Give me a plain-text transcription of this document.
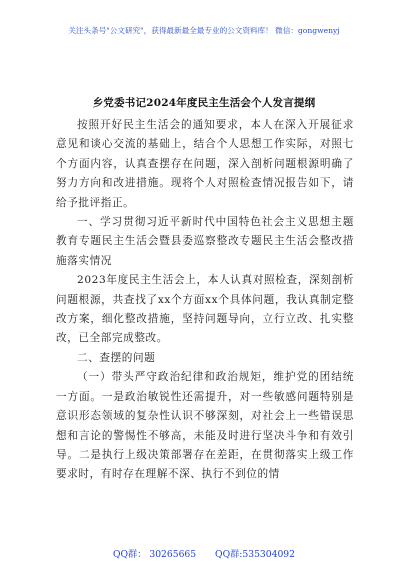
关注头条号"公文研究"，获得最新最全最专业的公文资料库！ 微信：gongwenyj
乡党委书记2024年度民主生活会个人发言提纲

按照开好民主生活会的通知要求，本人在深入开展征求意见和谈心交流的基础上，结合个人思想工作实际，对照七个方面内容，认真查摆存在问题，深入剖析问题根源明确了努力方向和改进措施。现将个人对照检查情况报告如下，请给予批评指正。

一、学习贯彻习近平新时代中国特色社会主义思想主题教育专题民主生活会暨县委巡察整改专题民主生活会整改措施落实情况

2023年度民主生活会上，本人认真对照检查，深刻剖析问题根源，共查找了xx个方面xx个具体问题，我认真制定整改方案，细化整改措施，坚持问题导向，立行立改、扎实整改，已全部完成整改。

二、查摆的问题

（一）带头严守政治纪律和政治规矩，维护党的团结统一方面。一是政治敏锐性还需提升，对一些敏感问题特别是意识形态领域的复杂性认识不够深刻，对社会上一些错误思想和言论的警惕性不够高，未能及时进行坚决斗争和有效引导。二是执行上级决策部署存在差距，在贯彻落实上级工作要求时，有时存在理解不深、执行不到位的情

QQ群： 30265665 QQ群:535304092
